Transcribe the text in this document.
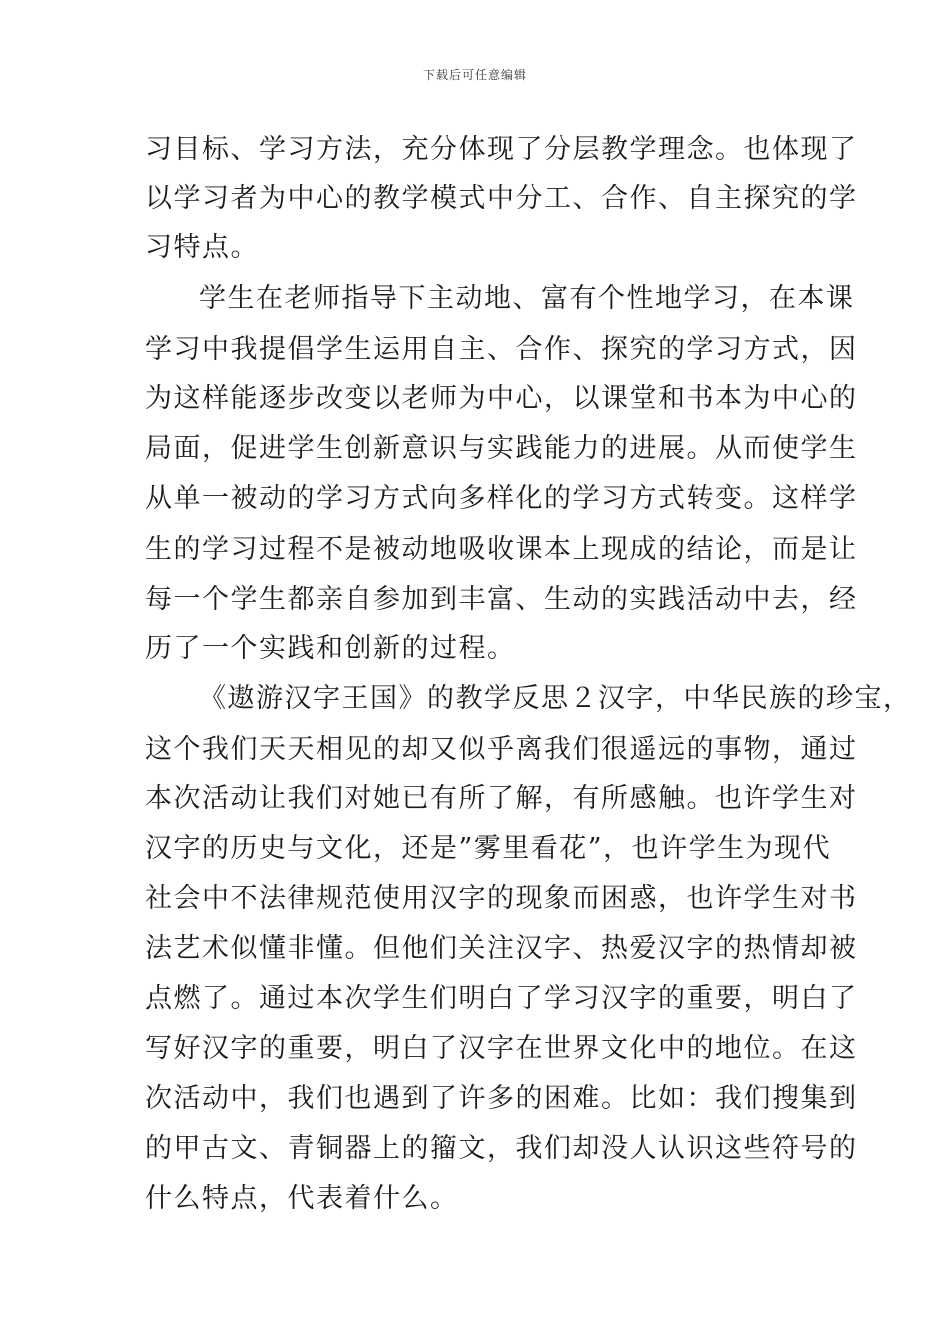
下载后可任意编辑
习目标、学习方法，充分体现了分层教学理念。也体现了
以学习者为中心的教学模式中分工、合作、自主探究的学
习特点。
学生在老师指导下主动地、富有个性地学习，在本课
学习中我提倡学生运用自主、合作、探究的学习方式，因
为这样能逐步改变以老师为中心，以课堂和书本为中心的
局面，促进学生创新意识与实践能力的进展。从而使学生
从单一被动的学习方式向多样化的学习方式转变。这样学
生的学习过程不是被动地吸收课本上现成的结论，而是让
每一个学生都亲自参加到丰富、生动的实践活动中去，经
历了一个实践和创新的过程。
《遨游汉字王国》的教学反思２汉字，中华民族的珍宝，
这个我们天天相见的却又似乎离我们很遥远的事物，通过
本次活动让我们对她已有所了解，有所感触。也许学生对
汉字的历史与文化，还是”雾里看花”，也许学生为现代
社会中不法律规范使用汉字的现象而困惑，也许学生对书
法艺术似懂非懂。但他们关注汉字、热爱汉字的热情却被
点燃了。通过本次学生们明白了学习汉字的重要，明白了
写好汉字的重要，明白了汉字在世界文化中的地位。在这
次活动中，我们也遇到了许多的困难。比如：我们搜集到
的甲古文、青铜器上的籀文，我们却没人认识这些符号的
什么特点，代表着什么。
